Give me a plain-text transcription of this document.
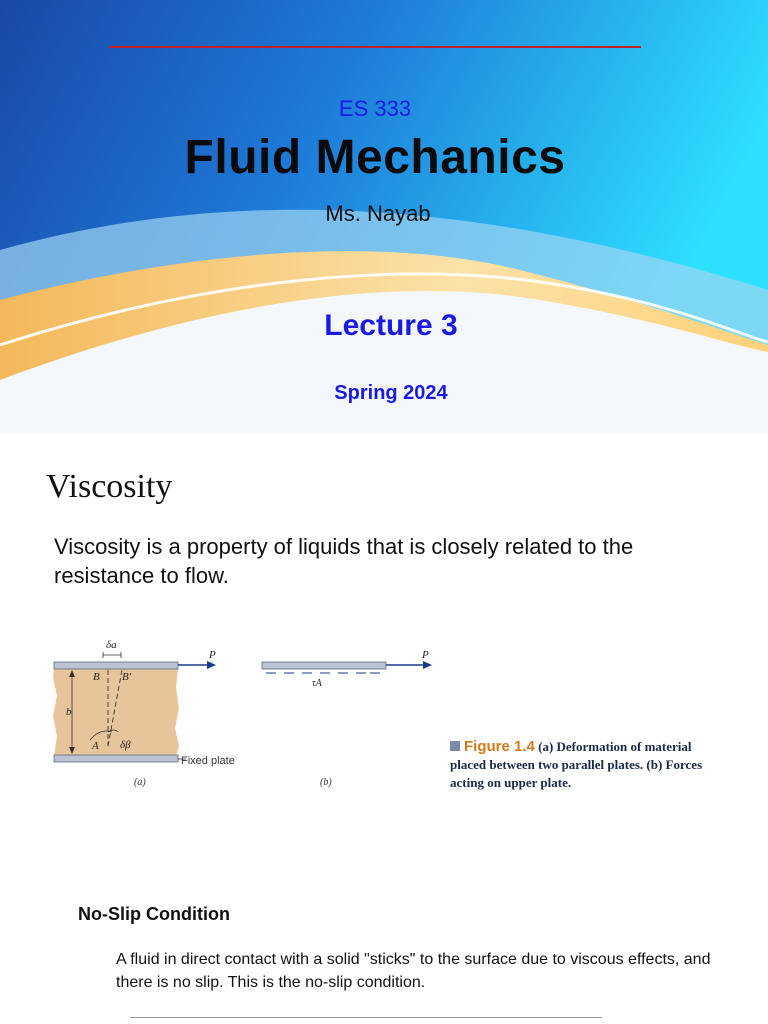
ES 333
Fluid Mechanics
Ms. Nayab
Lecture 3
Spring 2024
Viscosity
Viscosity is a property of liquids that is closely related to the resistance to flow.
δa
P
B B′
b
A δβ
Fixed plate
(a)
P
τA
(b)
Figure 1.4 (a) Deformation of material placed between two parallel plates. (b) Forces acting on upper plate.
No-Slip Condition
A fluid in direct contact with a solid "sticks" to the surface due to viscous effects, and there is no slip. This is the no-slip condition.
